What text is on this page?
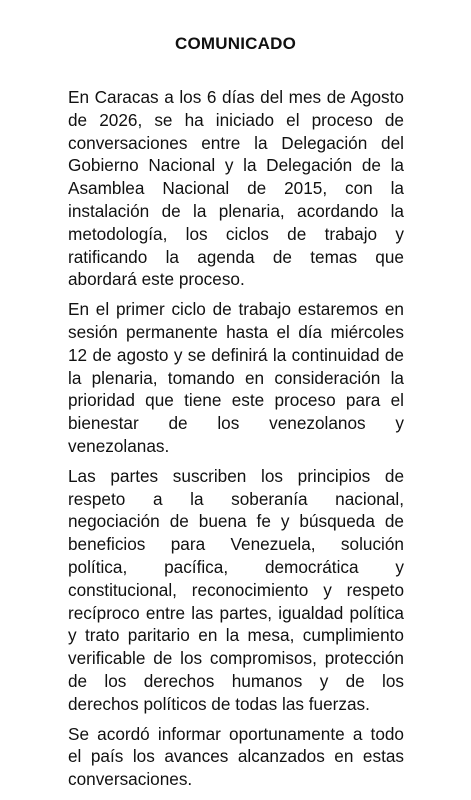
COMUNICADO

En Caracas a los 6 días del mes de Agosto de 2026, se ha iniciado el proceso de conversaciones entre la Delegación del Gobierno Nacional y la Delegación de la Asamblea Nacional de 2015, con la instalación de la plenaria, acordando la metodología, los ciclos de trabajo y ratificando la agenda de temas que abordará este proceso.

En el primer ciclo de trabajo estaremos en sesión permanente hasta el día miércoles 12 de agosto y se definirá la continuidad de la plenaria, tomando en consideración la prioridad que tiene este proceso para el bienestar de los venezolanos y venezolanas.

Las partes suscriben los principios de respeto a la soberanía nacional, negociación de buena fe y búsqueda de beneficios para Venezuela, solución política, pacífica, democrática y constitucional, reconocimiento y respeto recíproco entre las partes, igualdad política y trato paritario en la mesa, cumplimiento verificable de los compromisos, protección de los derechos humanos y de los derechos políticos de todas las fuerzas.

Se acordó informar oportunamente a todo el país los avances alcanzados en estas conversaciones.
